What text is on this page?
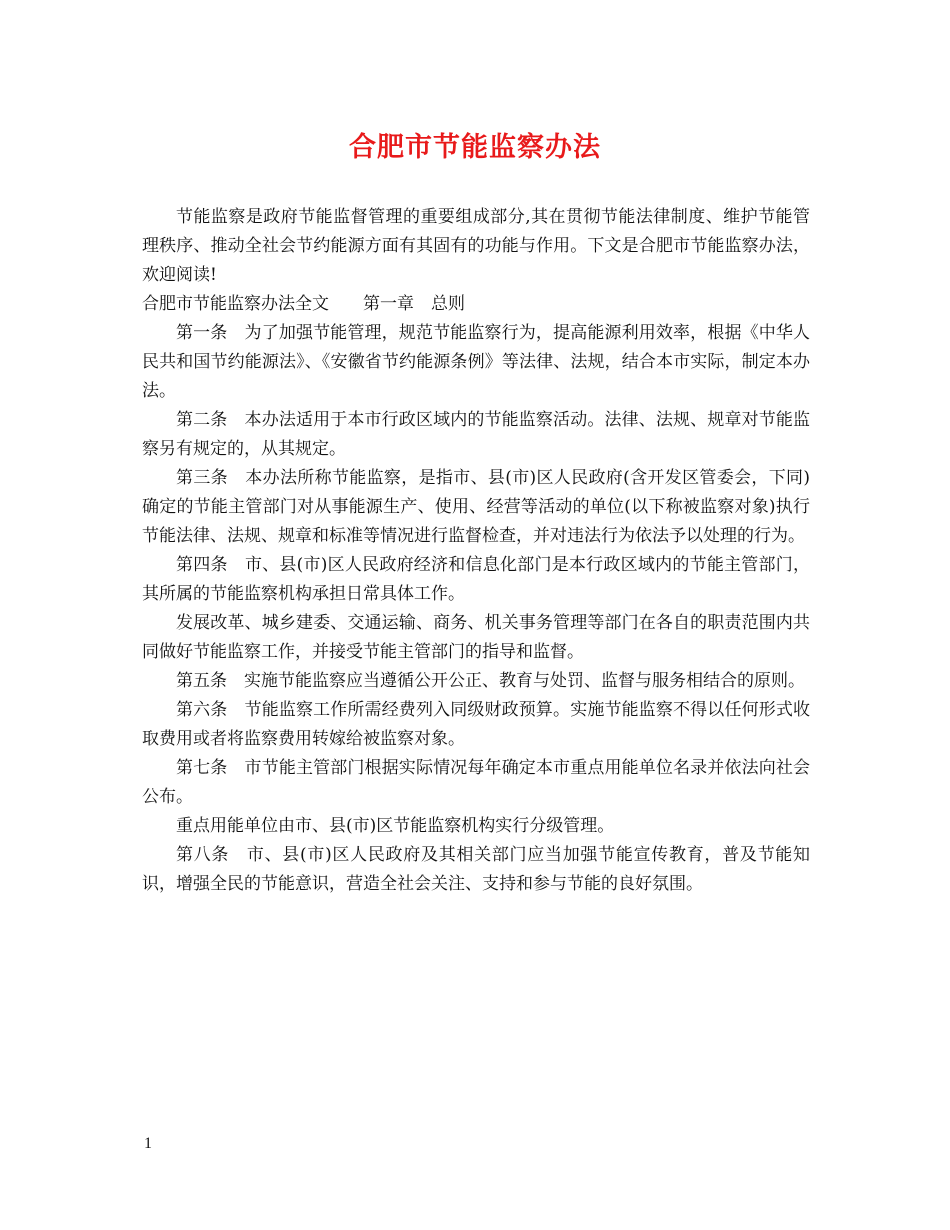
合肥市节能监察办法

节能监察是政府节能监督管理的重要组成部分,其在贯彻节能法律制度、维护节能管理秩序、推动全社会节约能源方面有其固有的功能与作用。下文是合肥市节能监察办法，欢迎阅读!

合肥市节能监察办法全文　　第一章　总则

第一条　为了加强节能管理，规范节能监察行为，提高能源利用效率，根据《中华人民共和国节约能源法》、《安徽省节约能源条例》等法律、法规，结合本市实际，制定本办法。

第二条　本办法适用于本市行政区域内的节能监察活动。法律、法规、规章对节能监察另有规定的，从其规定。

第三条　本办法所称节能监察，是指市、县(市)区人民政府(含开发区管委会，下同)确定的节能主管部门对从事能源生产、使用、经营等活动的单位(以下称被监察对象)执行节能法律、法规、规章和标准等情况进行监督检查，并对违法行为依法予以处理的行为。

第四条　市、县(市)区人民政府经济和信息化部门是本行政区域内的节能主管部门，其所属的节能监察机构承担日常具体工作。

发展改革、城乡建委、交通运输、商务、机关事务管理等部门在各自的职责范围内共同做好节能监察工作，并接受节能主管部门的指导和监督。

第五条　实施节能监察应当遵循公开公正、教育与处罚、监督与服务相结合的原则。

第六条　节能监察工作所需经费列入同级财政预算。实施节能监察不得以任何形式收取费用或者将监察费用转嫁给被监察对象。

第七条　市节能主管部门根据实际情况每年确定本市重点用能单位名录并依法向社会公布。

重点用能单位由市、县(市)区节能监察机构实行分级管理。

第八条　市、县(市)区人民政府及其相关部门应当加强节能宣传教育，普及节能知识，增强全民的节能意识，营造全社会关注、支持和参与节能的良好氛围。

1
